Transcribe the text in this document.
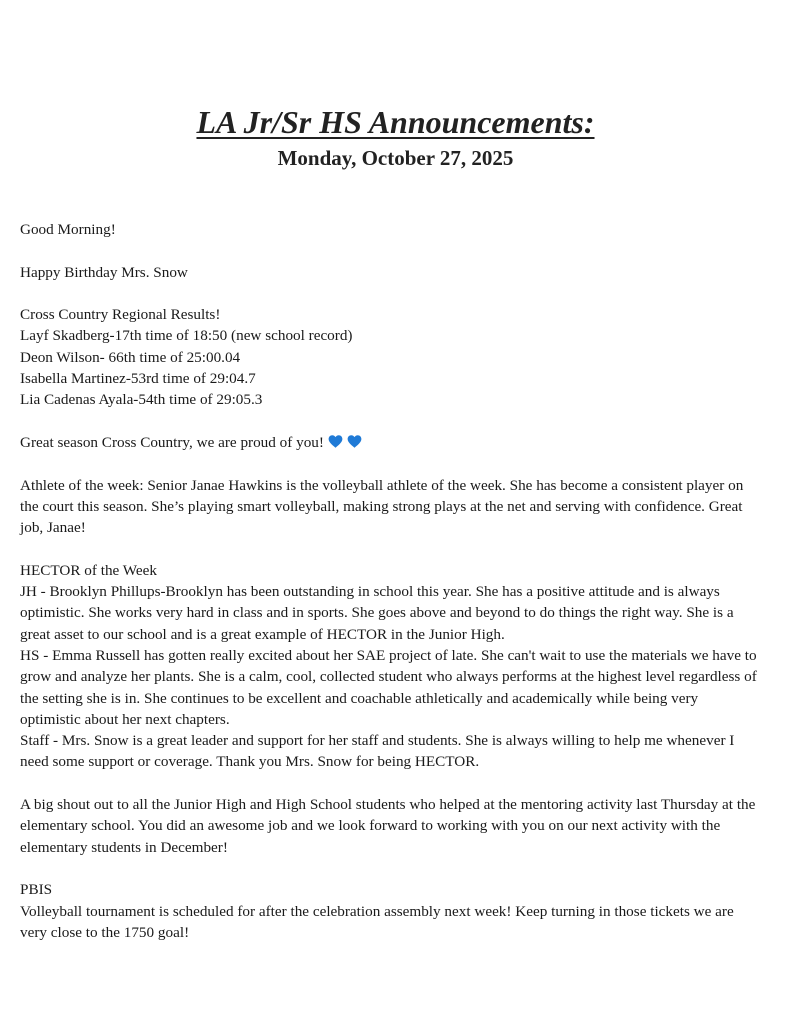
LA Jr/Sr HS Announcements:
Monday, October 27, 2025
Good Morning!
Happy Birthday Mrs. Snow
Cross Country Regional Results!
Layf Skadberg-17th time of 18:50 (new school record)
Deon Wilson- 66th time of 25:00.04
Isabella Martinez-53rd time of 29:04.7
Lia Cadenas Ayala-54th time of 29:05.3
Great season Cross Country, we are proud of you!
Athlete of the week: Senior Janae Hawkins is the volleyball athlete of the week. She has become a consistent player on
the court this season. She’s playing smart volleyball, making strong plays at the net and serving with confidence. Great
job, Janae!
HECTOR of the Week
JH - Brooklyn Phillups-Brooklyn has been outstanding in school this year. She has a positive attitude and is always
optimistic. She works very hard in class and in sports. She goes above and beyond to do things the right way. She is a
great asset to our school and is a great example of HECTOR in the Junior High.
HS - Emma Russell has gotten really excited about her SAE project of late. She can't wait to use the materials we have to
grow and analyze her plants. She is a calm, cool, collected student who always performs at the highest level regardless of
the setting she is in. She continues to be excellent and coachable athletically and academically while being very
optimistic about her next chapters.
Staff - Mrs. Snow is a great leader and support for her staff and students. She is always willing to help me whenever I
need some support or coverage. Thank you Mrs. Snow for being HECTOR.
A big shout out to all the Junior High and High School students who helped at the mentoring activity last Thursday at the
elementary school. You did an awesome job and we look forward to working with you on our next activity with the
elementary students in December!
PBIS
Volleyball tournament is scheduled for after the celebration assembly next week! Keep turning in those tickets we are
very close to the 1750 goal!
